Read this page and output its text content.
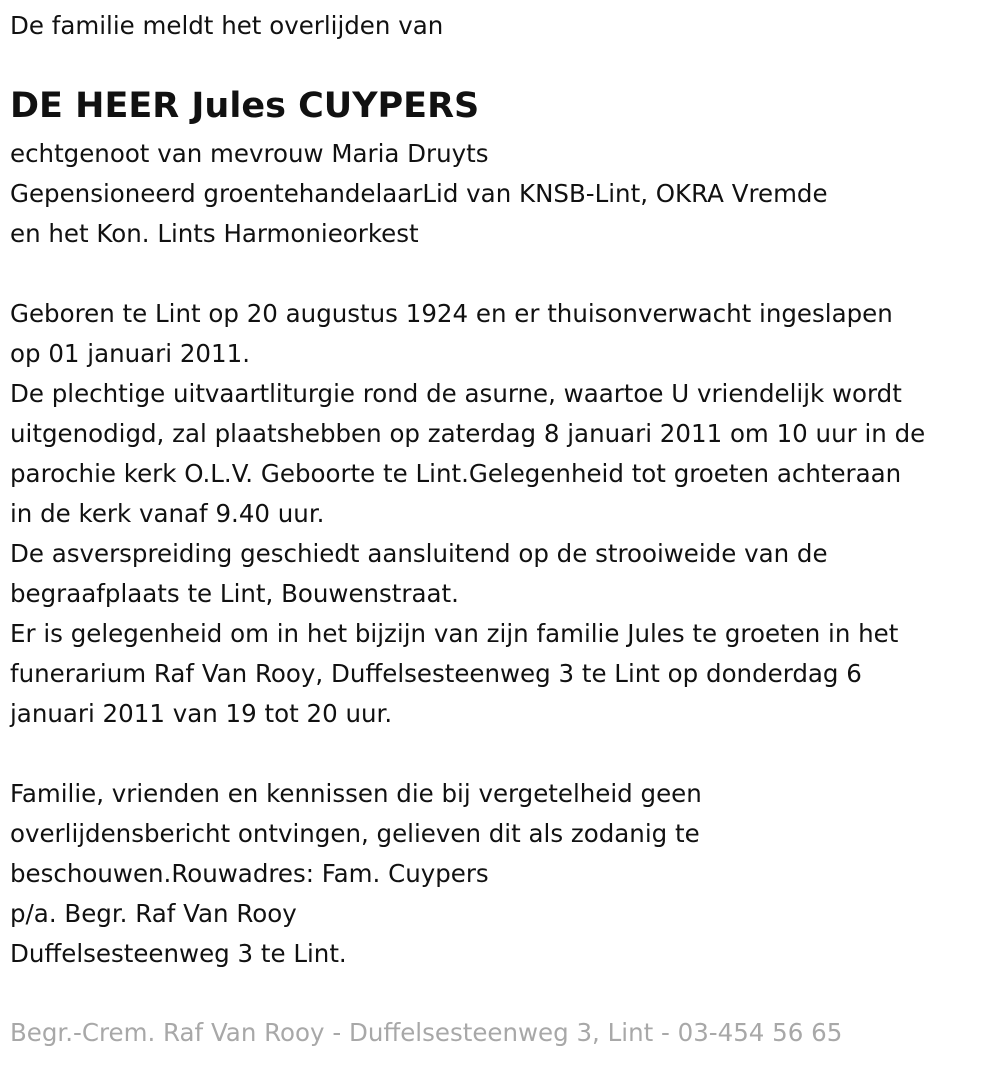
De familie meldt het overlijden van

DE HEER Jules CUYPERS

echtgenoot van mevrouw Maria Druyts

Gepensioneerd groentehandelaarLid van KNSB-Lint, OKRA Vremde

en het Kon. Lints Harmonieorkest

Geboren te Lint op 20 augustus 1924 en er thuisonverwacht ingeslapen

op 01 januari 2011.

De plechtige uitvaartliturgie rond de asurne, waartoe U vriendelijk wordt

uitgenodigd, zal plaatshebben op zaterdag 8 januari 2011 om 10 uur in de

parochie kerk O.L.V. Geboorte te Lint.Gelegenheid tot groeten achteraan

in de kerk vanaf 9.40 uur.

De asverspreiding geschiedt aansluitend op de strooiweide van de

begraafplaats te Lint, Bouwenstraat.

Er is gelegenheid om in het bijzijn van zijn familie Jules te groeten in het

funerarium Raf Van Rooy, Duffelsesteenweg 3 te Lint op donderdag 6

januari 2011 van 19 tot 20 uur.

Familie, vrienden en kennissen die bij vergetelheid geen

overlijdensbericht ontvingen, gelieven dit als zodanig te

beschouwen.Rouwadres: Fam. Cuypers

p/a. Begr. Raf Van Rooy

Duffelsesteenweg 3 te Lint.

Begr.-Crem. Raf Van Rooy - Duffelsesteenweg 3, Lint - 03-454 56 65
